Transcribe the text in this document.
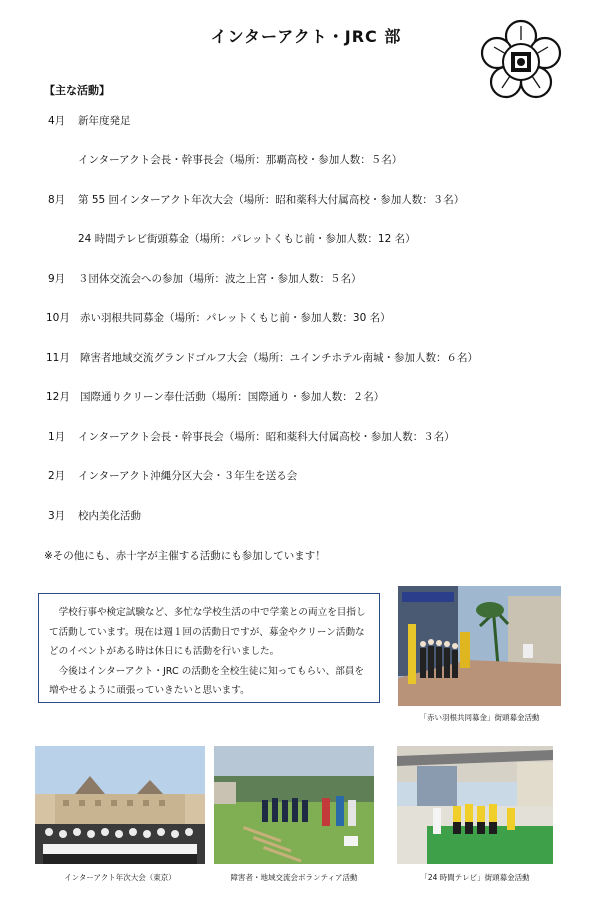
インターアクト・JRC 部
【主な活動】
4月 新年度発足
インターアクト会長・幹事長会（場所：那覇高校・参加人数：５名）
8月 第 55 回インターアクト年次大会（場所：昭和薬科大付属高校・参加人数：３名）
24 時間テレビ街頭募金（場所：パレットくもじ前・参加人数：12 名）
9月 ３団体交流会への参加（場所：波之上宮・参加人数：５名）
10月 赤い羽根共同募金（場所：パレットくもじ前・参加人数：30 名）
11月 障害者地域交流グランドゴルフ大会（場所：ユインチホテル南城・参加人数：６名）
12月 国際通りクリーン奉仕活動（場所：国際通り・参加人数：２名）
1月 インターアクト会長・幹事長会（場所：昭和薬科大付属高校・参加人数：３名）
2月 インターアクト沖縄分区大会・３年生を送る会
3月 校内美化活動
※その他にも、赤十字が主催する活動にも参加しています！

学校行事や検定試験など、多忙な学校生活の中で学業との両立を目指して活動しています。現在は週１回の活動日ですが、募金やクリーン活動などのイベントがある時は休日にも活動を行いました。

今後はインターアクト・JRC の活動を全校生徒に知ってもらい、部員を増やせるように頑張っていきたいと思います。

「赤い羽根共同募金」街頭募金活動
インターアクト年次大会（東京）	障害者・地域交流会ボランティア活動	「24 時間テレビ」街頭募金活動
